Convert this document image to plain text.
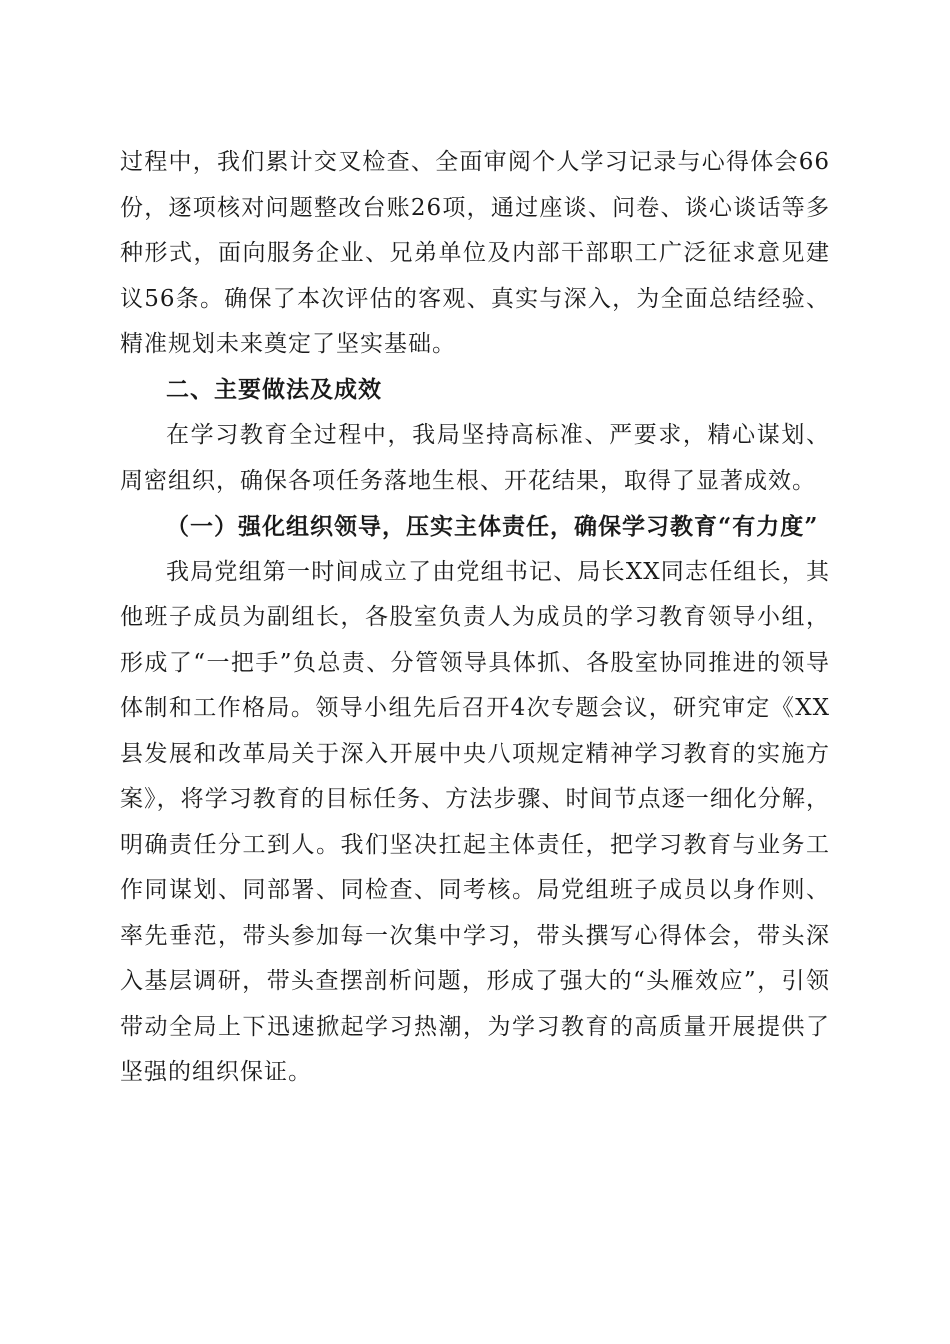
过程中，我们累计交叉检查、全面审阅个人学习记录与心得体会66份，逐项核对问题整改台账26项，通过座谈、问卷、谈心谈话等多种形式，面向服务企业、兄弟单位及内部干部职工广泛征求意见建议56条。确保了本次评估的客观、真实与深入，为全面总结经验、精准规划未来奠定了坚实基础。

二、主要做法及成效

在学习教育全过程中，我局坚持高标准、严要求，精心谋划、周密组织，确保各项任务落地生根、开花结果，取得了显著成效。

（一）强化组织领导，压实主体责任，确保学习教育“有力度”

我局党组第一时间成立了由党组书记、局长XX同志任组长，其他班子成员为副组长，各股室负责人为成员的学习教育领导小组，形成了“一把手”负总责、分管领导具体抓、各股室协同推进的领导体制和工作格局。领导小组先后召开4次专题会议，研究审定《XX县发展和改革局关于深入开展中央八项规定精神学习教育的实施方案》，将学习教育的目标任务、方法步骤、时间节点逐一细化分解，明确责任分工到人。我们坚决扛起主体责任，把学习教育与业务工作同谋划、同部署、同检查、同考核。局党组班子成员以身作则、率先垂范，带头参加每一次集中学习，带头撰写心得体会，带头深入基层调研，带头查摆剖析问题，形成了强大的“头雁效应”，引领带动全局上下迅速掀起学习热潮，为学习教育的高质量开展提供了坚强的组织保证。
